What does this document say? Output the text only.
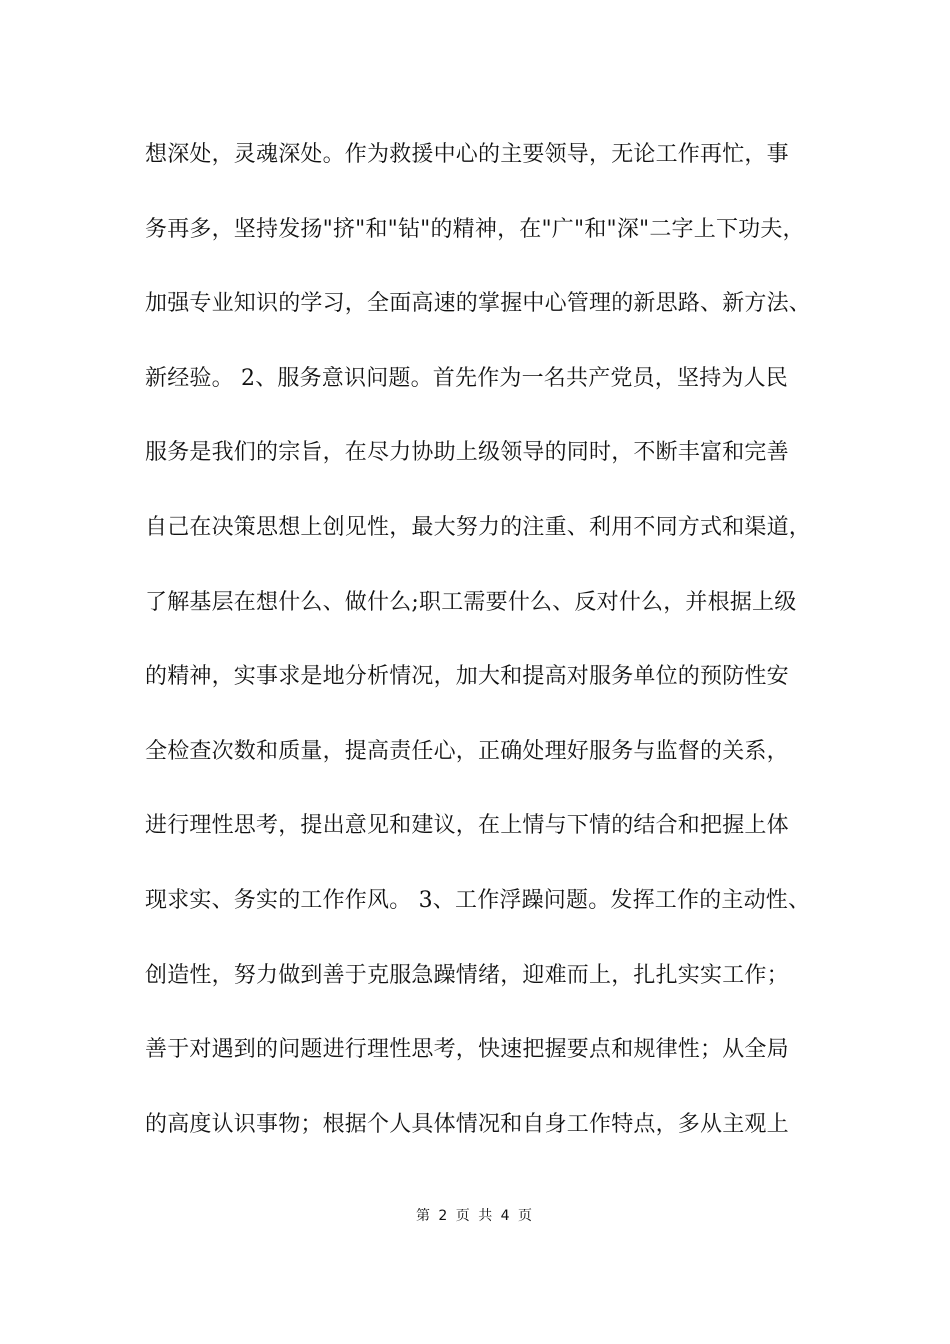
想深处，灵魂深处。作为救援中心的主要领导，无论工作再忙，事
务再多，坚持发扬"挤"和"钻"的精神，在"广"和"深"二字上下功夫，
加强专业知识的学习，全面高速的掌握中心管理的新思路、新方法、
新经验。 2、服务意识问题。首先作为一名共产党员，坚持为人民
服务是我们的宗旨，在尽力协助上级领导的同时，不断丰富和完善
自己在决策思想上创见性，最大努力的注重、利用不同方式和渠道，
了解基层在想什么、做什么;职工需要什么、反对什么，并根据上级
的精神，实事求是地分析情况，加大和提高对服务单位的预防性安
全检查次数和质量，提高责任心，正确处理好服务与监督的关系，
进行理性思考，提出意见和建议，在上情与下情的结合和把握上体
现求实、务实的工作作风。 3、工作浮躁问题。发挥工作的主动性、
创造性，努力做到善于克服急躁情绪，迎难而上，扎扎实实工作；
善于对遇到的问题进行理性思考，快速把握要点和规律性；从全局
的高度认识事物；根据个人具体情况和自身工作特点，多从主观上
第 2 页 共 4 页
